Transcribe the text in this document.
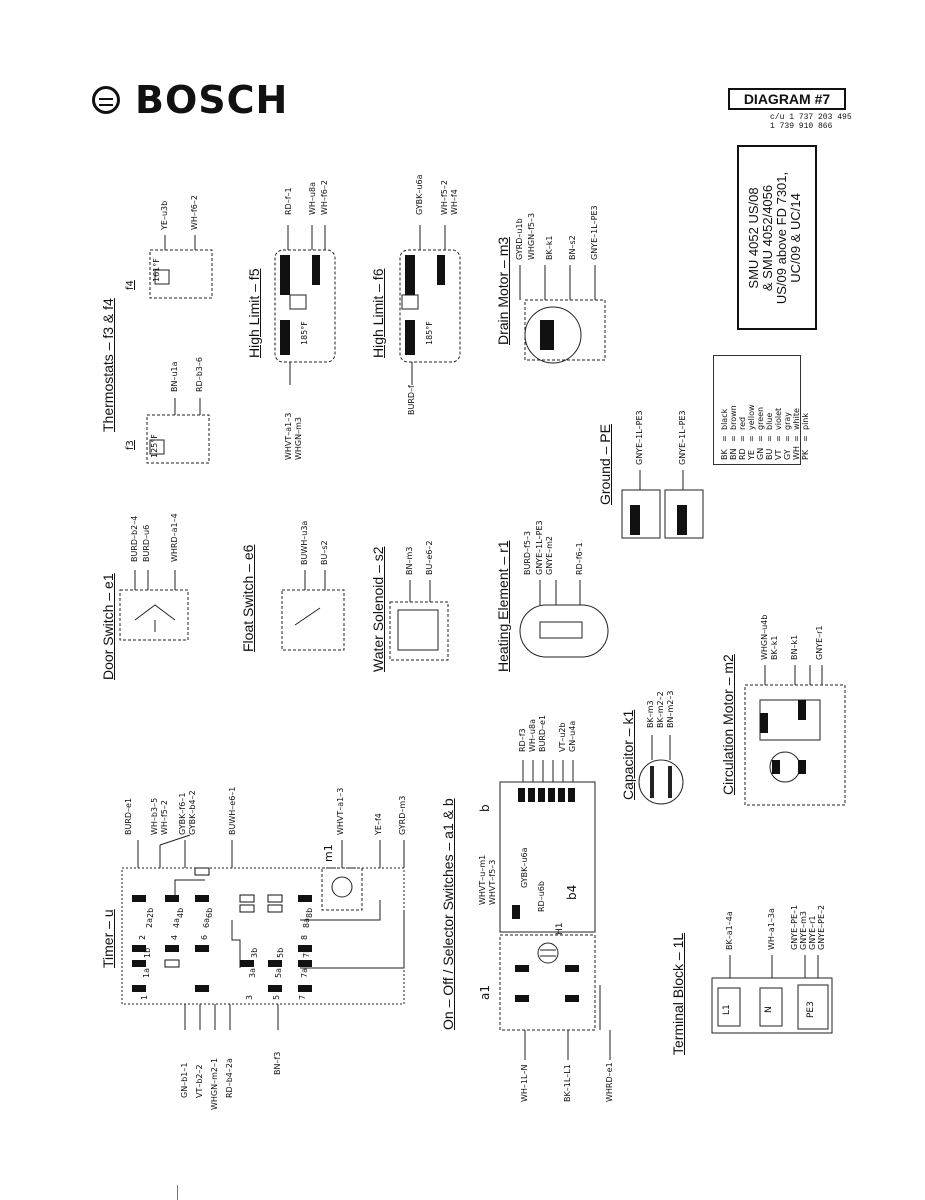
BOSCH	DIAGRAM #7
c/u 1 737 203 495
1 739 910 866
Timer – u	On – Off / Selector Switches – a1 & b
Door Switch – e1	Float Switch – e6	Water Solenoid – s2	Heating Element – r1
Capacitor – k1	Circulation Motor – m2
Terminal Block – 1L
Thermostats – f3 & f4	High Limit – f5	High Limit – f6	Drain Motor – m3
Ground – PE
m1
a1
b
b4
H1
f3
f4
125°F
161°F
185°F	185°F
L1	N	PE3
2	4	6	8
2a 4a	6a	8a
2b	4b	6b	8b
1	3 5 7
1a	3a 5a 7a
1b	3b 5b 7b
BURD–e1 WH–b3–5 WH–f5–2 GYBK–f6–1 GYBK–b4–2	BUWH–e6–1	WHVT–a1–3	YE–f4 GYRD–m3
GN–b1–1 VT–b2–2 WHGN–m2–1 RD–b4–2a	BN–f3
WH–1L–N	BK–1L–L1	WHRD–e1
WHVT–u–m1 WHVT–f5–3	GYBK–u6a
RD–u6b
RD–f3 WH–u8a BURD–e1 VT–u2b GN–u4a
BURD–b2–4 BURD–u6 WHRD–a1–4	BUWH–u3a BU–s2	BN–m3 BU–e6–2	BURD–f5–3 GNYE–1L–PE3 GNYE–m2	RD–f6–1
BK–m3 BK–m2–2 BN–m2–3
WHGN–u4b BK–k1 BN–k1 GNYE–r1
BK–a1–4a	WH–a1–3a GNYE–PE–1 GNYE–m3 GNYE–r1 GNYE–PE–2
BN–u1a RD–b3–6
YE–u3b	WH–f6–2
WHVT–a1–3 WHGN–m3
RD–f–1 WH–u8a WH–f6–2
BURD–f
GYBK–u6a WH–f5–2 WH–f4
GYRD–u1b WHGN–f5–3 BK–k1 BN–s2 GNYE–1L–PE3
GNYE–1L–PE3	GNYE–1L–PE3
SMU 4052 US/08 & SMU 4052/4056 US/09 above FD 7301, UC/09 & UC/14
BK=black
BN=brown
RD=red
YE=yellow
GN=green
BU=blue
VT=violet
GY=gray
WH=white
PK=pink
